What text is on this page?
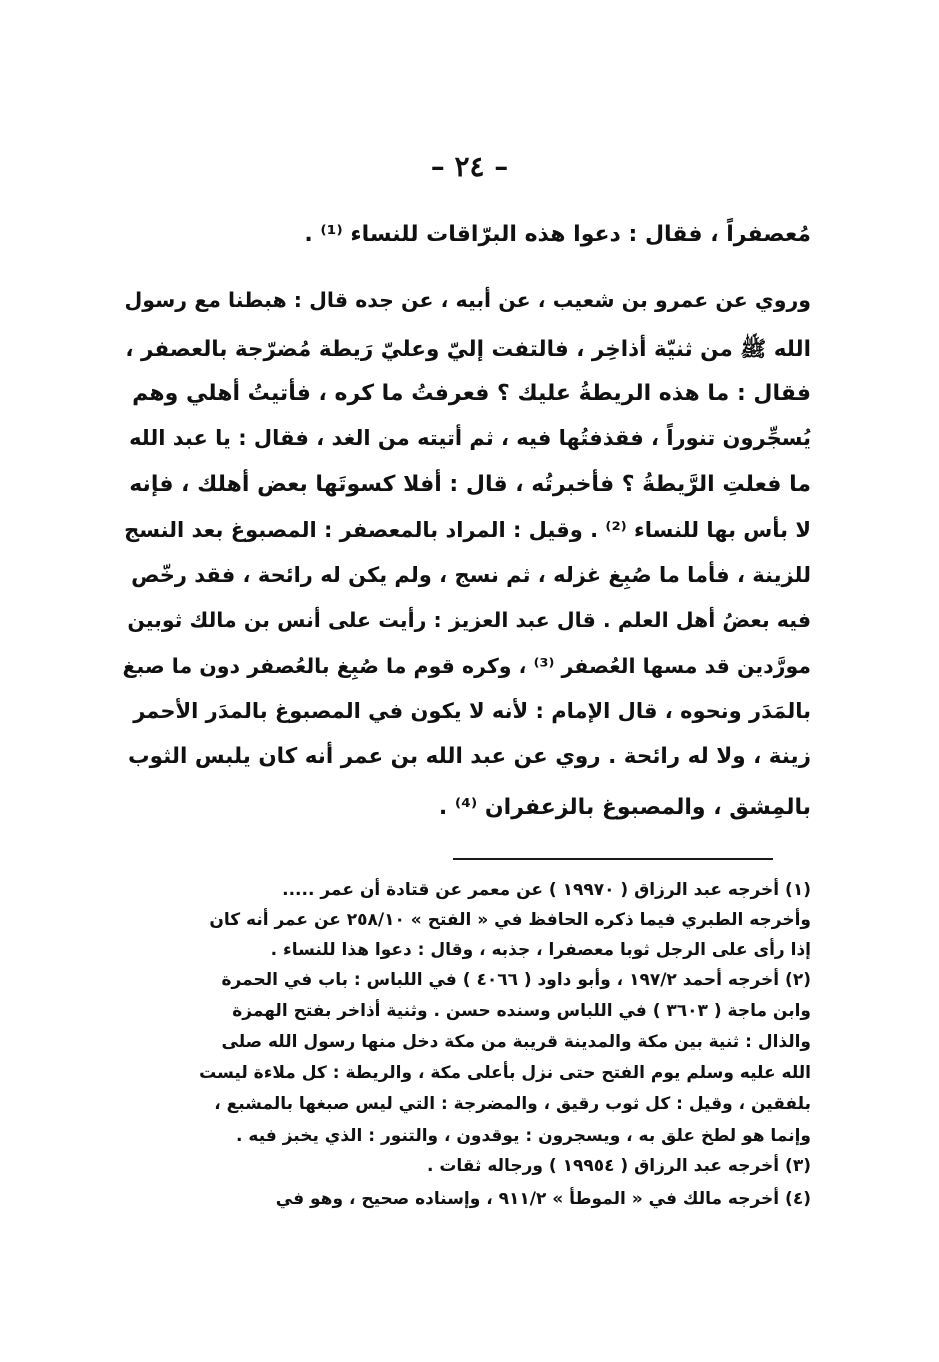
– ٢٤ –
مُعصفراً ، فقال : دعوا هذه البرّاقات للنساء ⁽¹⁾ .
وروي عن عمرو بن شعيب ، عن أبيه ، عن جده قال : هبطنا مع رسول
الله ﷺ من ثنيّة أذاخِر ، فالتفت إليّ وعليّ رَيطة مُضرّجة بالعصفر ،
فقال : ما هذه الريطةُ عليك ؟ فعرفتُ ما كره ، فأتيتُ أهلي وهم
يُسجِّرون تنوراً ، فقذفتُها فيه ، ثم أتيته من الغد ، فقال : يا عبد الله
ما فعلتِ الرَّيطةُ ؟ فأخبرتُه ، قال : أفلا كسوتَها بعض أهلك ، فإنه
لا بأس بها للنساء ⁽²⁾ . وقيل : المراد بالمعصفر : المصبوغ بعد النسج
للزينة ، فأما ما صُبِغ غزله ، ثم نسج ، ولم يكن له رائحة ، فقد رخّص
فيه بعضُ أهل العلم . قال عبد العزيز : رأيت على أنس بن مالك ثوبين
مورَّدين قد مسها العُصفر ⁽³⁾ ، وكره قوم ما صُبِغ بالعُصفر دون ما صبغ
بالمَدَر ونحوه ، قال الإمام : لأنه لا يكون في المصبوغ بالمدَر الأحمر
زينة ، ولا له رائحة . روي عن عبد الله بن عمر أنه كان يلبس الثوب
بالمِشق ، والمصبوغ بالزعفران ⁽⁴⁾ .
(١) أخرجه عبد الرزاق ( ١٩٩٧٠ ) عن معمر عن قتادة أن عمر .....
وأخرجه الطبري فيما ذكره الحافظ في « الفتح » ٢٥٨/١٠ عن عمر أنه كان
إذا رأى على الرجل ثوبا معصفرا ، جذبه ، وقال : دعوا هذا للنساء .
(٢) أخرجه أحمد ١٩٧/٢ ، وأبو داود ( ٤٠٦٦ ) في اللباس : باب في الحمرة
وابن ماجة ( ٣٦٠٣ ) في اللباس وسنده حسن . وثنية أذاخر بفتح الهمزة
والذال : ثنية بين مكة والمدينة قريبة من مكة دخل منها رسول الله صلى
الله عليه وسلم يوم الفتح حتى نزل بأعلى مكة ، والريطة : كل ملاءة ليست
بلفقين ، وقيل : كل ثوب رقيق ، والمضرجة : التي ليس صبغها بالمشبع ،
وإنما هو لطخ علق به ، ويسجرون : يوقدون ، والتنور : الذي يخبز فيه .
(٣) أخرجه عبد الرزاق ( ١٩٩٥٤ ) ورجاله ثقات .
(٤) أخرجه مالك في « الموطأ » ٩١١/٢ ، وإسناده صحيح ، وهو في
